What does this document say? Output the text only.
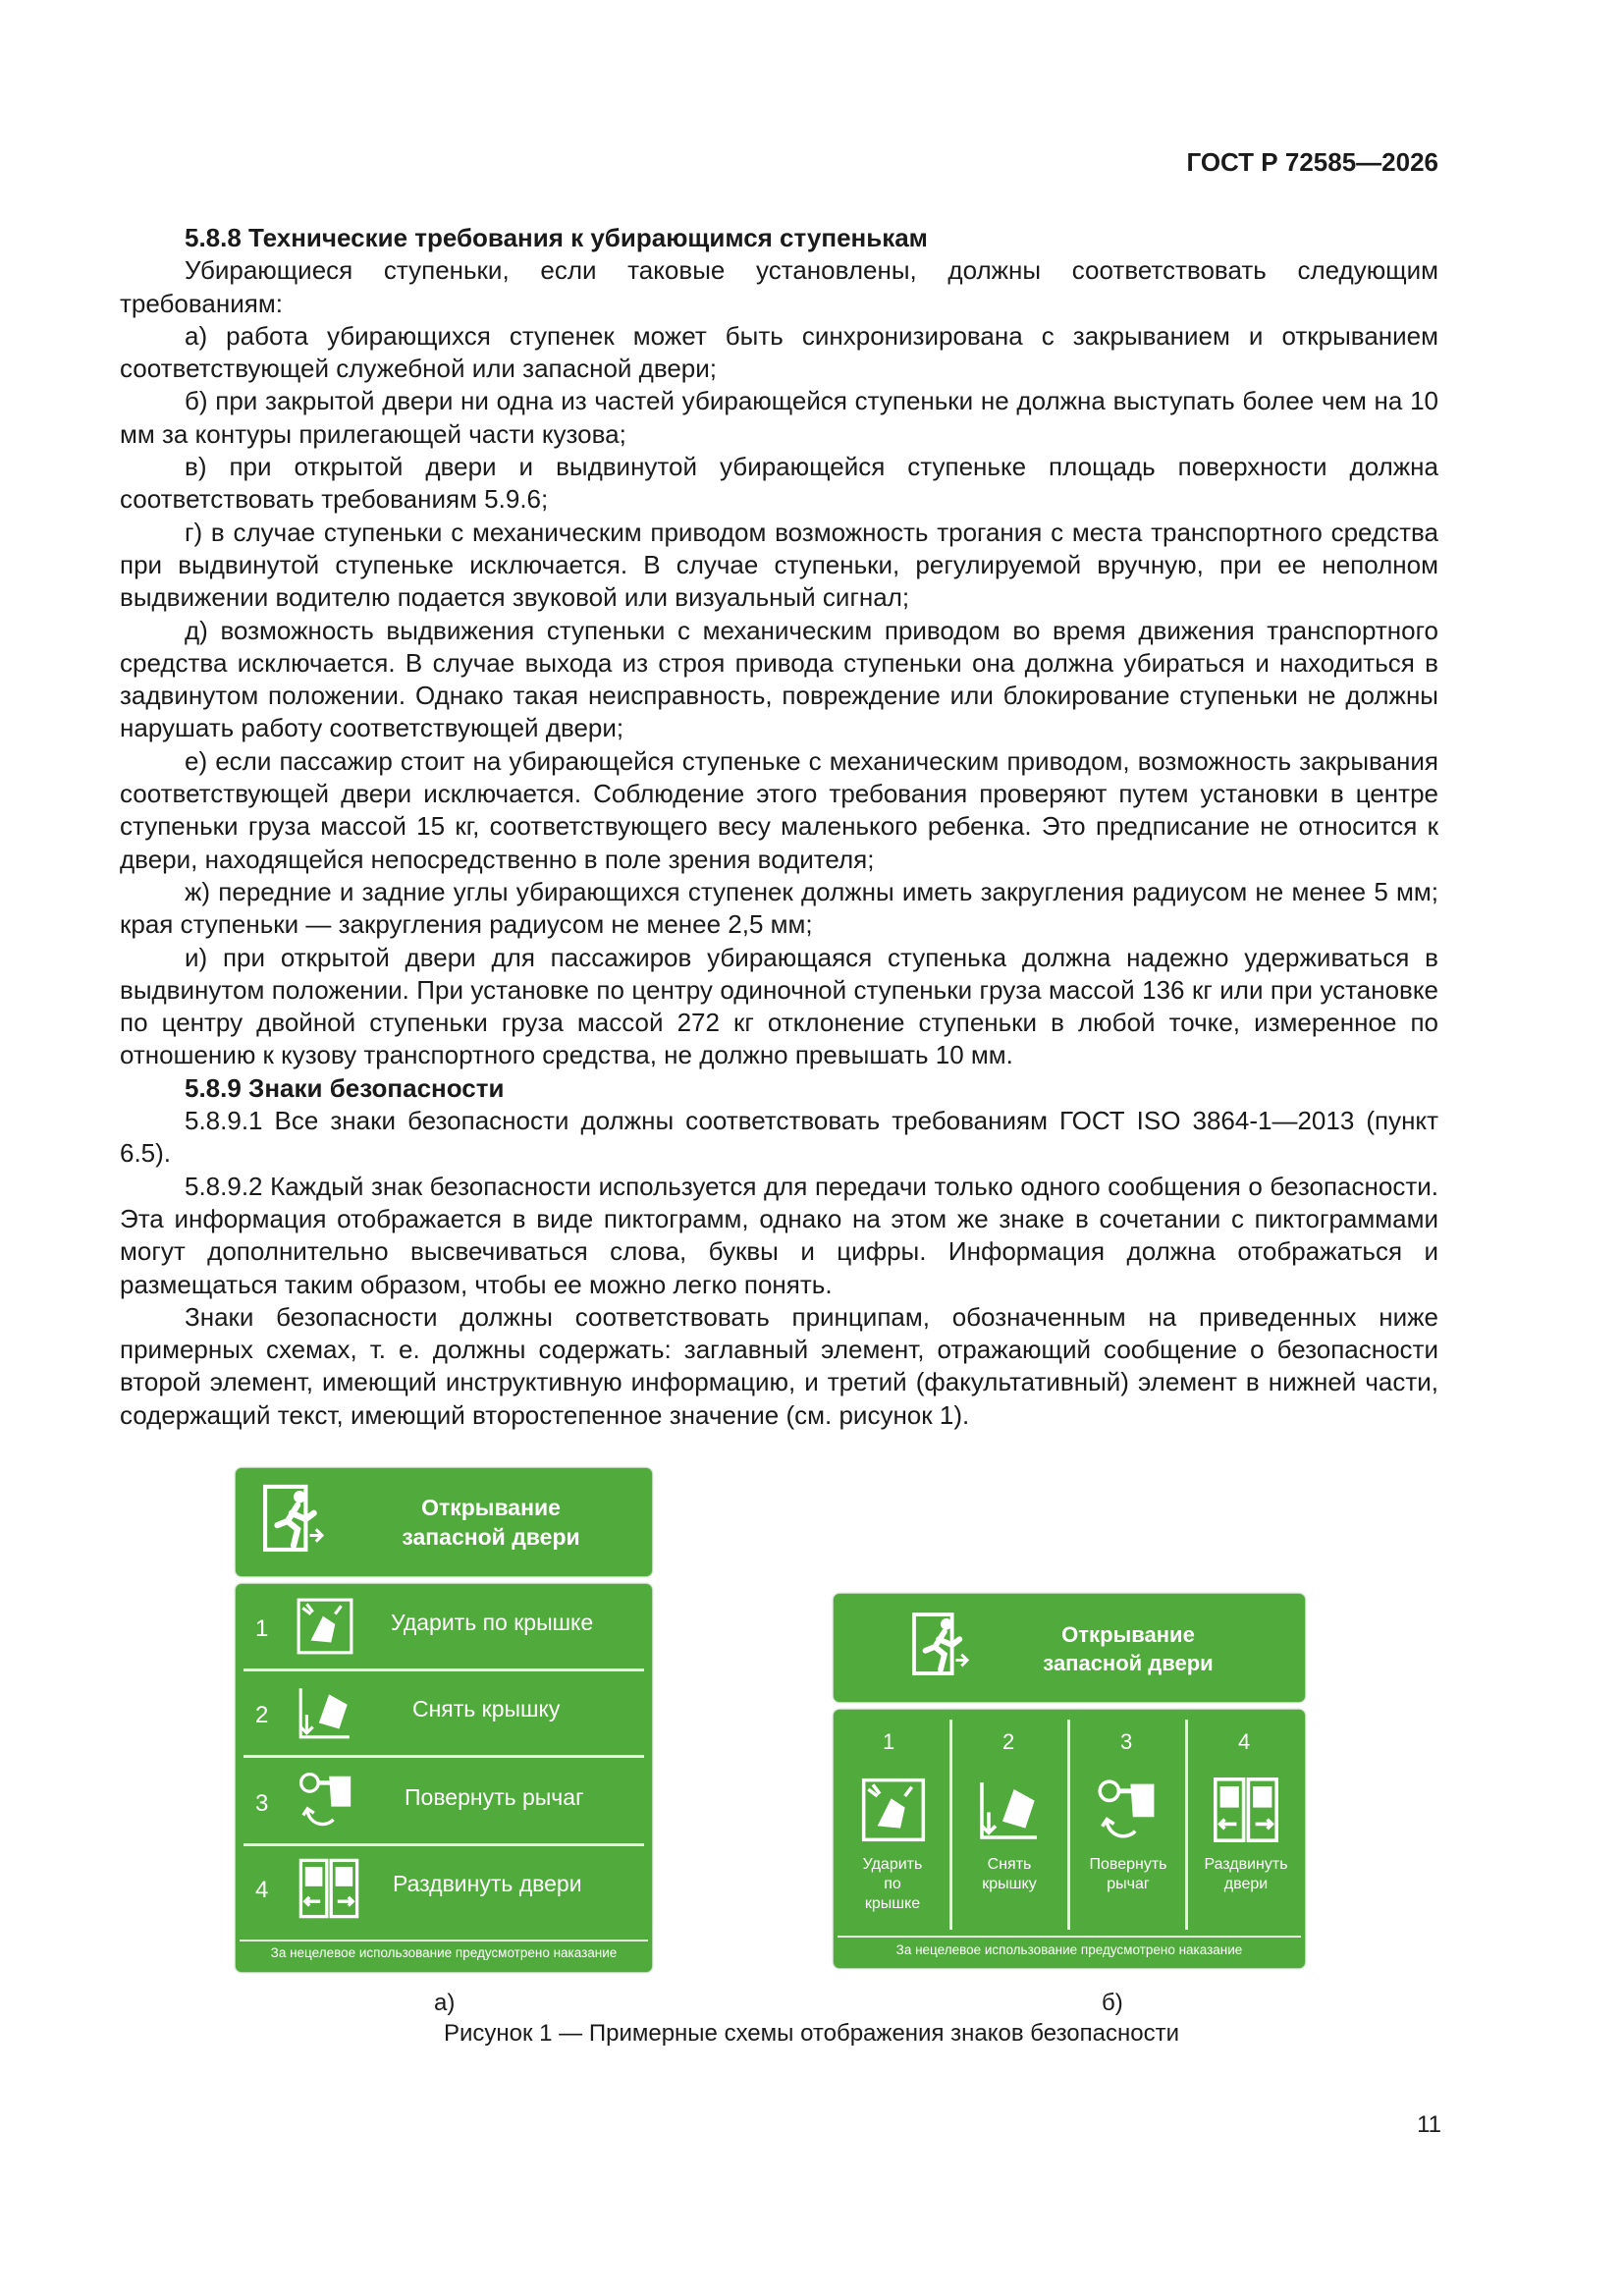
ГОСТ Р 72585—2026

5.8.8 Технические требования к убирающимся ступенькам

Убирающиеся ступеньки, если таковые установлены, должны соответствовать следующим требованиям:

а) работа убирающихся ступенек может быть синхронизирована с закрыванием и открыванием соответствующей служебной или запасной двери;

б) при закрытой двери ни одна из частей убирающейся ступеньки не должна выступать более чем на 10 мм за контуры прилегающей части кузова;

в) при открытой двери и выдвинутой убирающейся ступеньке площадь поверхности должна соответствовать требованиям 5.9.6;

г) в случае ступеньки с механическим приводом возможность трогания с места транспортного средства при выдвинутой ступеньке исключается. В случае ступеньки, регулируемой вручную, при ее неполном выдвижении водителю подается звуковой или визуальный сигнал;

д) возможность выдвижения ступеньки с механическим приводом во время движения транспортного средства исключается. В случае выхода из строя привода ступеньки она должна убираться и находиться в задвинутом положении. Однако такая неисправность, повреждение или блокирование ступеньки не должны нарушать работу соответствующей двери;

е) если пассажир стоит на убирающейся ступеньке с механическим приводом, возможность закрывания соответствующей двери исключается. Соблюдение этого требования проверяют путем установки в центре ступеньки груза массой 15 кг, соответствующего весу маленького ребенка. Это предписание не относится к двери, находящейся непосредственно в поле зрения водителя;

ж) передние и задние углы убирающихся ступенек должны иметь закругления радиусом не менее 5 мм; края ступеньки — закругления радиусом не менее 2,5 мм;

и) при открытой двери для пассажиров убирающаяся ступенька должна надежно удерживаться в выдвинутом положении. При установке по центру одиночной ступеньки груза массой 136 кг или при установке по центру двойной ступеньки груза массой 272 кг отклонение ступеньки в любой точке, измеренное по отношению к кузову транспортного средства, не должно превышать 10 мм.

5.8.9 Знаки безопасности

5.8.9.1 Все знаки безопасности должны соответствовать требованиям ГОСТ ISO 3864-1—2013 (пункт 6.5).

5.8.9.2 Каждый знак безопасности используется для передачи только одного сообщения о безопасности. Эта информация отображается в виде пиктограмм, однако на этом же знаке в сочетании с пиктограммами могут дополнительно высвечиваться слова, буквы и цифры. Информация должна отображаться и размещаться таким образом, чтобы ее можно легко понять.

Знаки безопасности должны соответствовать принципам, обозначенным на приведенных ниже примерных схемах, т. е. должны содержать: заглавный элемент, отражающий сообщение о безопасности второй элемент, имеющий инструктивную информацию, и третий (факультативный) элемент в нижней части, содержащий текст, имеющий второстепенное значение (см. рисунок 1).

Открывание
запасной двери
1	Ударить по крышке
2	Снять крышку
3	Повернуть рычаг
4	Раздвинуть двери
За нецелевое использование предусмотрено наказание
Открывание
запасной двери
1
Ударить
по
крышке
2
Снять
крышку
3
Повернуть
рычаг
4
Раздвинуть
двери
За нецелевое использование предусмотрено наказание
а)	б)
Рисунок 1 — Примерные схемы отображения знаков безопасности
11
